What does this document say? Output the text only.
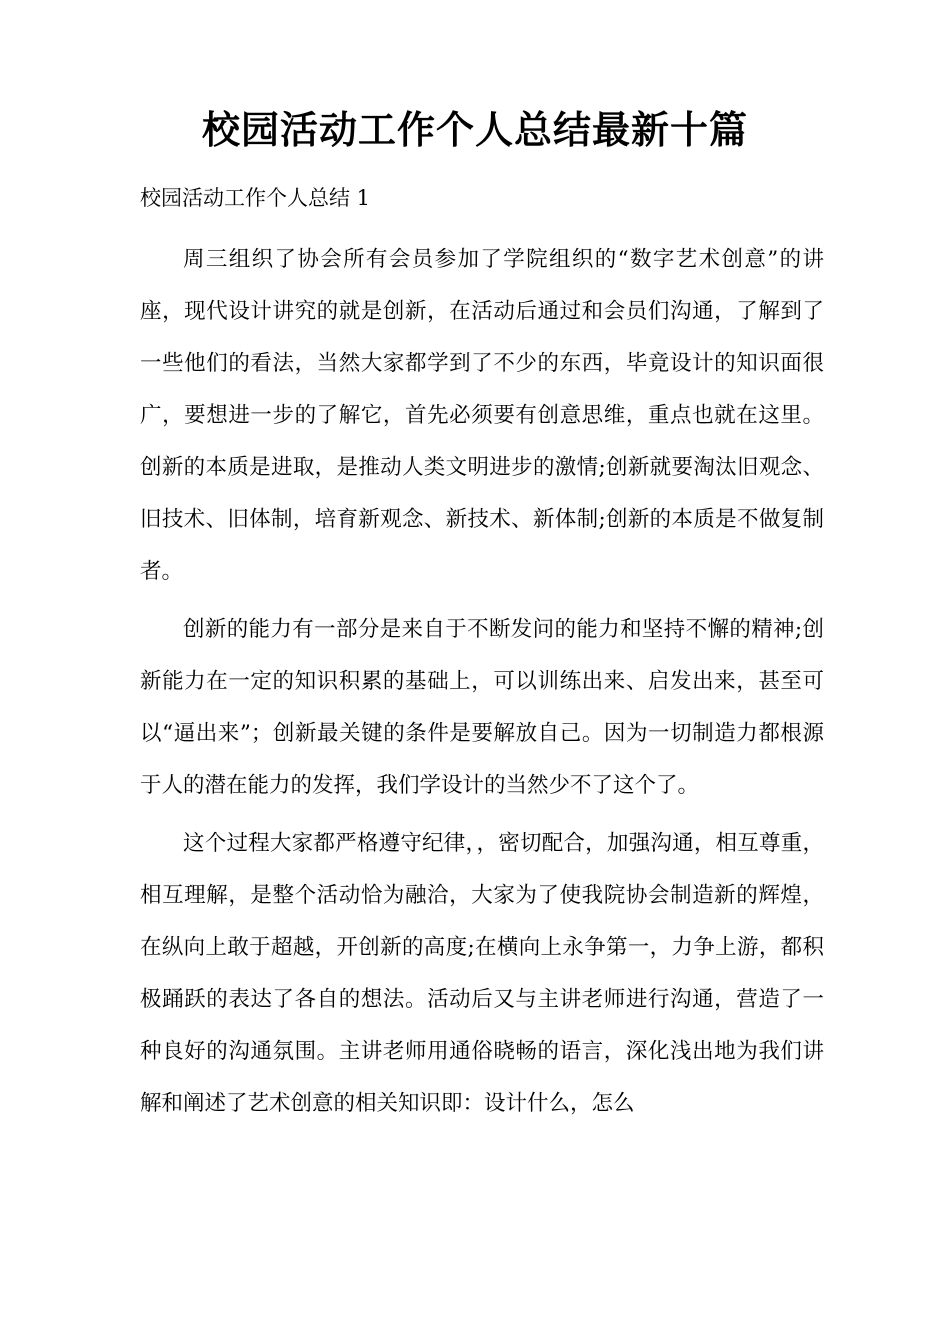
校园活动工作个人总结最新十篇
校园活动工作个人总结 1

周三组织了协会所有会员参加了学院组织的“数字艺术创意”的讲座，现代设计讲究的就是创新，在活动后通过和会员们沟通，了解到了一些他们的看法，当然大家都学到了不少的东西，毕竟设计的知识面很广，要想进一步的了解它，首先必须要有创意思维，重点也就在这里。创新的本质是进取，是推动人类文明进步的激情;创新就要淘汰旧观念、旧技术、旧体制，培育新观念、新技术、新体制;创新的本质是不做复制者。

创新的能力有一部分是来自于不断发问的能力和坚持不懈的精神;创新能力在一定的知识积累的基础上，可以训练出来、启发出来，甚至可以“逼出来”；创新最关键的条件是要解放自己。因为一切制造力都根源于人的潜在能力的发挥，我们学设计的当然少不了这个了。

这个过程大家都严格遵守纪律，，密切配合，加强沟通，相互尊重，相互理解，是整个活动恰为融洽，大家为了使我院协会制造新的辉煌，在纵向上敢于超越，开创新的高度;在横向上永争第一，力争上游，都积极踊跃的表达了各自的想法。活动后又与主讲老师进行沟通，营造了一种良好的沟通氛围。主讲老师用通俗晓畅的语言，深化浅出地为我们讲解和阐述了艺术创意的相关知识即：设计什么，怎么
